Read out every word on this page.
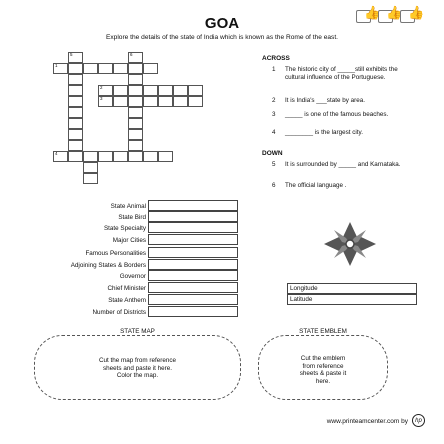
GOA
Explore the details of the state of India which is known as the Rome of the east.
👍 👍 👍
5	6
1
2
3
4
ACROSS
1 The historic city of _____still exhibits the cultural influence of the Portuguese.
2 It is India's ___state by area.
3 _____ is one of the famous beaches.
4 ________ is the largest city.
DOWN
5 It is surrounded by _____ and Karnataka.
6 The official language .
State Animal
State Bird
State Specialty
Major Cities
Famous Personalities
Adjoining States & Borders
Governor
Chief Minister
State Anthem
Number of Districts
Longitude
Latitude
STATE MAP
Cut the map from reference
sheets and paste it here.
Color the map.
STATE EMBLEM
Cut the emblem
from reference
sheets & paste it
here.
www.printeamcenter.com by	hp
